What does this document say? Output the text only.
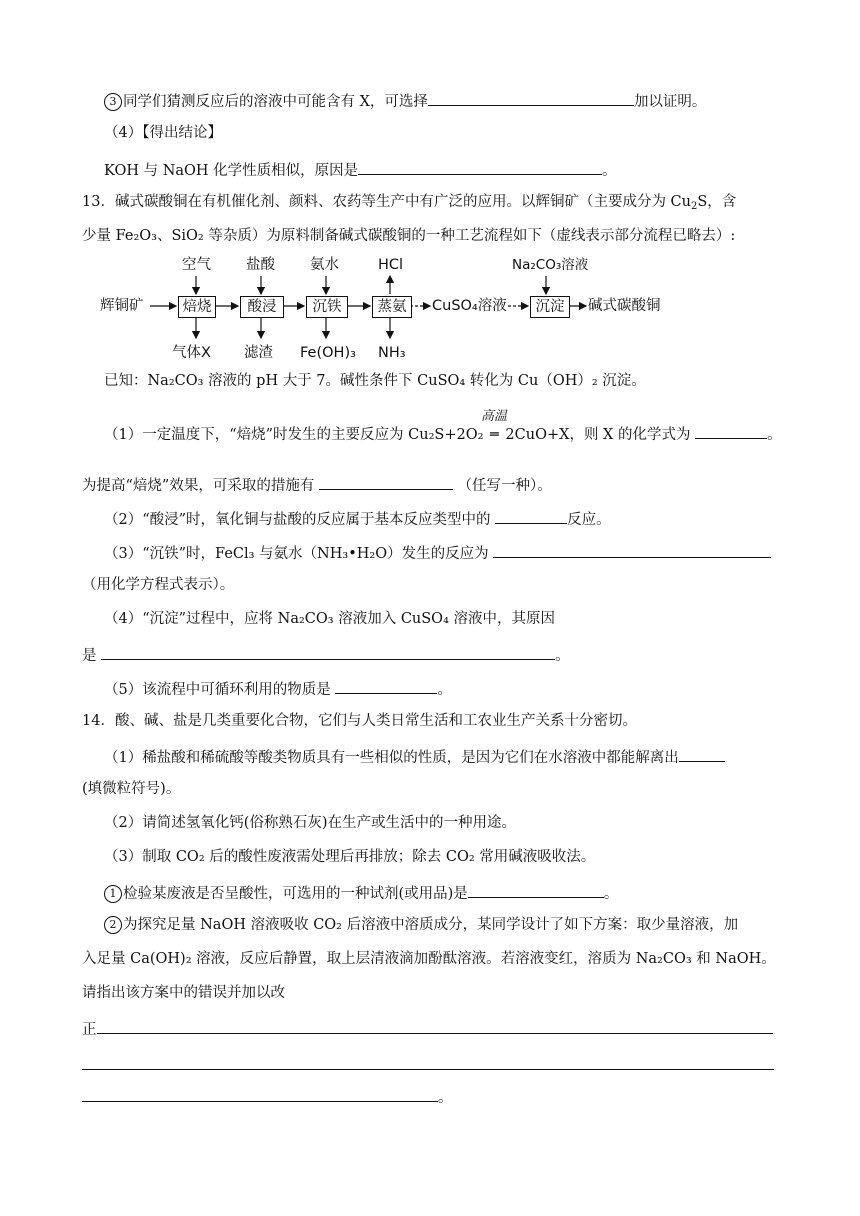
3 同学们猜测反应后的溶液中可能含有 X，可选择	加以证明。
（4）【得出结论】
KOH 与 NaOH 化学性质相似，原因是	。
13．碱式碳酸铜在有机催化剂、颜料、农药等生产中有广泛的应用。以辉铜矿（主要成分为 $Cu_2S$，含
少量 Fe₂O₃、SiO₂ 等杂质）为原料制备碱式碳酸铜的一种工艺流程如下（虚线表示部分流程已略去）:
辉铜矿	焙烧	酸浸	沉铁	蒸氨	CuSO₄溶液	沉淀	碱式碳酸铜
空气 盐酸 氨水	HCl	Na₂CO₃溶液
气体X 滤渣 Fe(OH)₃ NH₃
已知：Na₂CO₃ 溶液的 pH 大于 7。碱性条件下 CuSO₄ 转化为 Cu（OH）₂ 沉淀。
高温
（1）一定温度下，“焙烧”时发生的主要反应为 Cu₂S+2O₂ ═ 2CuO+X，则 X 的化学式为	。
为提高“焙烧”效果，可采取的措施有	（任写一种）。
（2）“酸浸”时，氧化铜与盐酸的反应属于基本反应类型中的	反应。
（3）“沉铁”时，FeCl₃ 与氨水（NH₃•H₂O）发生的反应为
（用化学方程式表示）。
（4）“沉淀”过程中，应将 Na₂CO₃ 溶液加入 CuSO₄ 溶液中，其原因
是	。
（5）该流程中可循环利用的物质是	。
14．酸、碱、盐是几类重要化合物，它们与人类日常生活和工农业生产关系十分密切。
（1）稀盐酸和稀硫酸等酸类物质具有一些相似的性质，是因为它们在水溶液中都能解离出
(填微粒符号)。
（2）请简述氢氧化钙(俗称熟石灰)在生产或生活中的一种用途。
（3）制取 CO₂ 后的酸性废液需处理后再排放；除去 CO₂ 常用碱液吸收法。
1 检验某废液是否呈酸性，可选用的一种试剂(或用品)是	。
2 为探究足量 NaOH 溶液吸收 CO₂ 后溶液中溶质成分，某同学设计了如下方案：取少量溶液，加
入足量 Ca(OH)₂ 溶液，反应后静置，取上层清液滴加酚酞溶液。若溶液变红，溶质为 Na₂CO₃ 和 NaOH。
请指出该方案中的错误并加以改
正
。
